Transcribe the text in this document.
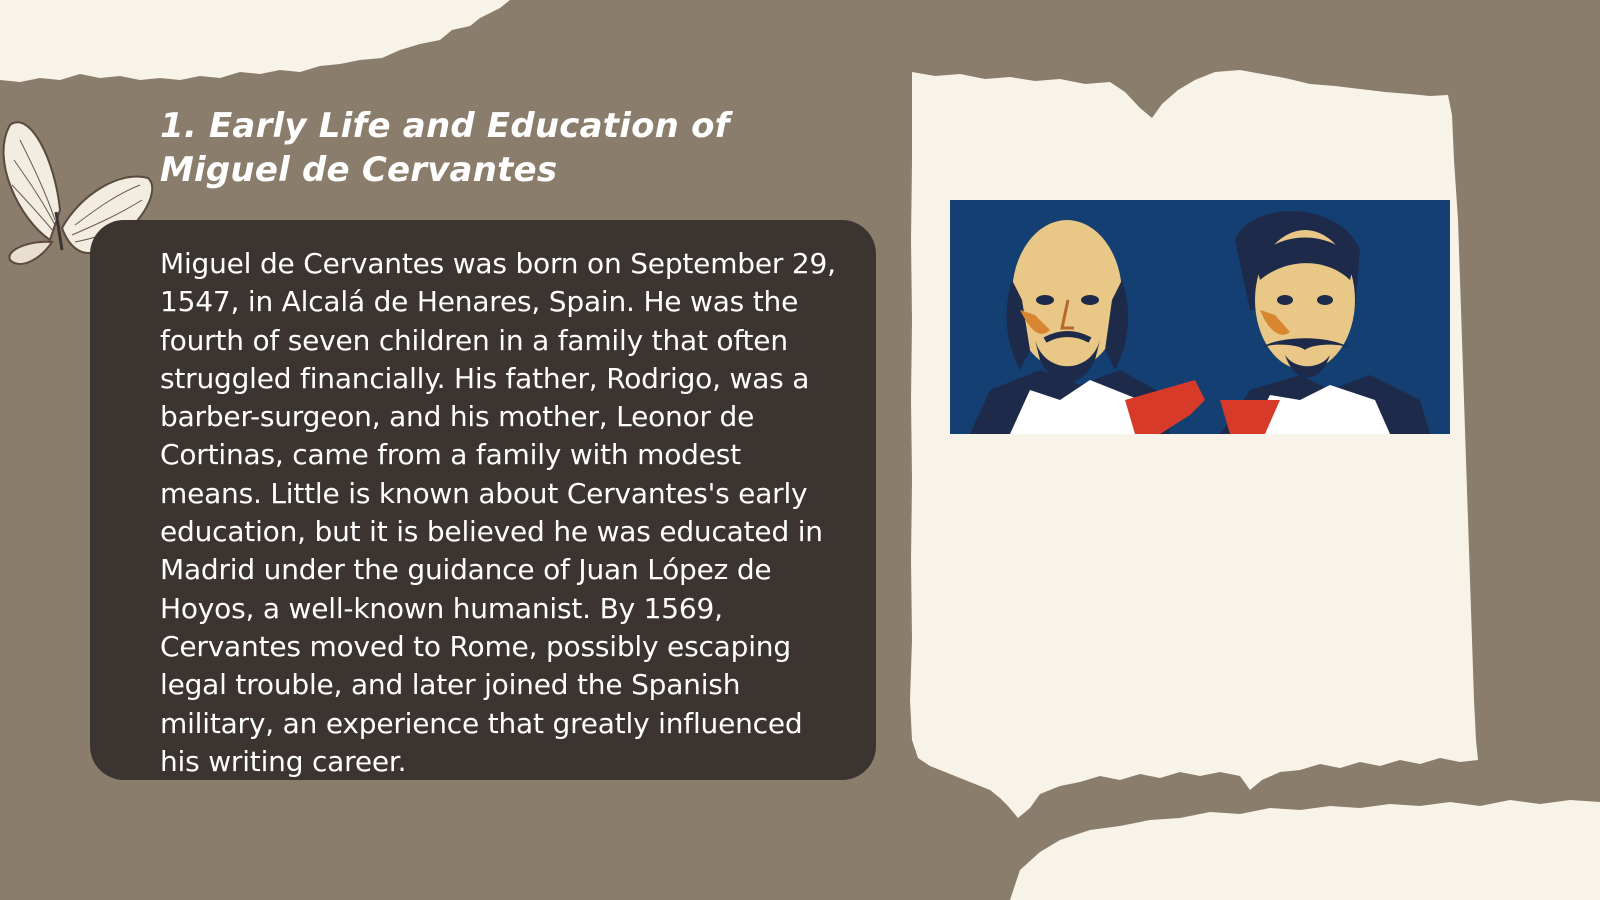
1. Early Life and Education of Miguel de Cervantes

Miguel de Cervantes was born on September 29, 1547, in Alcalá de Henares, Spain. He was the fourth of seven children in a family that often struggled financially. His father, Rodrigo, was a barber-surgeon, and his mother, Leonor de Cortinas, came from a family with modest means. Little is known about Cervantes's early education, but it is believed he was educated in Madrid under the guidance of Juan López de Hoyos, a well-known humanist. By 1569, Cervantes moved to Rome, possibly escaping legal trouble, and later joined the Spanish military, an experience that greatly influenced his writing career.
